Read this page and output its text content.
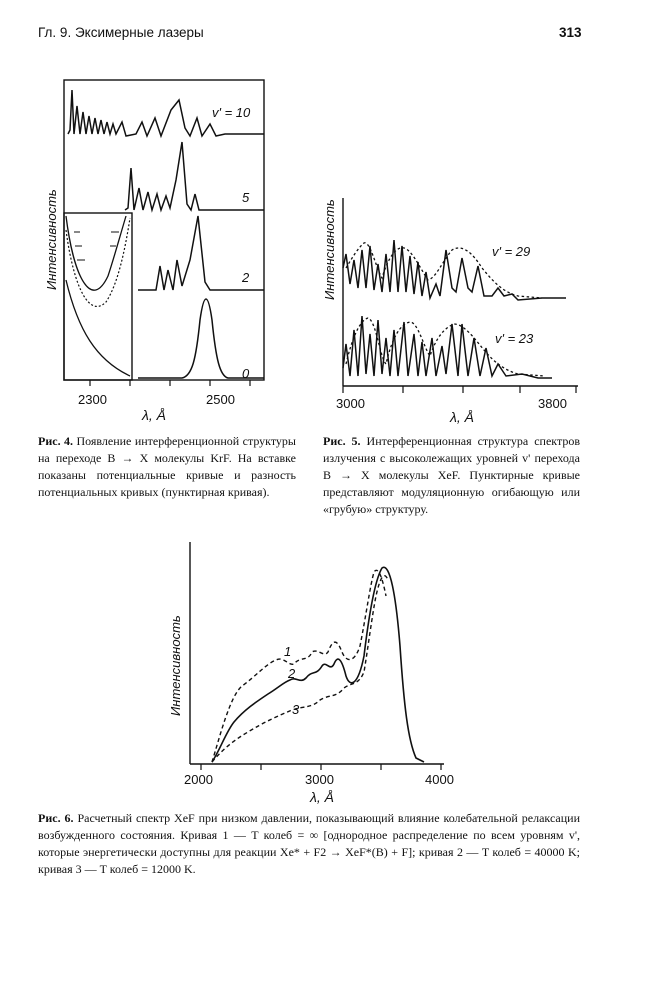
Гл. 9. Эксимерные лазеры	313
v' = 10
5
2
0
2300	2500
λ, Å
Интенсивность
Рис. 4. Появление интерференционной структуры на переходе B → X молекулы KrF. На вставке показаны потенциальные кривые и разность потенциальных кривых (пунктирная кривая).
v' = 29
v' = 23
3000	3800
λ, Å
Интенсивность
Рис. 5. Интерференционная структура спектров излучения с высоколежащих уровней v' перехода B → X молекулы XeF. Пунктирные кривые представляют модуляционную огибающую или «грубую» структуру.
1
2
3
2000	3000	4000
λ, Å
Интенсивность
Рис. 6. Расчетный спектр XeF при низком давлении, показывающий влияние колебательной релаксации возбужденного состояния. Кривая 1 — T колеб = ∞ [однородное распределение по всем уровням v', которые энергетически доступны для реакции Xe* + F2 → XeF*(B) + F]; кривая 2 — T колеб = 40000 K; кривая 3 — T колеб = 12000 K.
